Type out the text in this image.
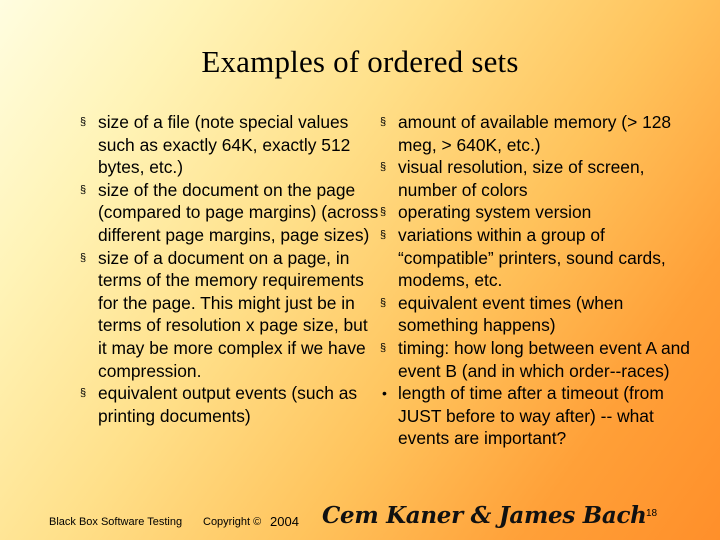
Examples of ordered sets
§ size of a file (note special values such as exactly 64K, exactly 512 bytes, etc.)
§ size of the document on the page (compared to page margins) (across different page margins, page sizes)
§ size of a document on a page, in terms of the memory requirements for the page. This might just be in terms of resolution x page size, but it may be more complex if we have compression.
§ equivalent output events (such as printing documents)
§ amount of available memory (> 128 meg, > 640K, etc.)
§ visual resolution, size of screen, number of colors
§ operating system version
§ variations within a group of “compatible” printers, sound cards, modems, etc.
§ equivalent event times (when something happens)
§ timing: how long between event A and event B (and in which order--races)
• length of time after a timeout (from JUST before to way after) -- what events are important?
Black Box Software Testing Copyright © 2004 Cem Kaner & James Bach 18
